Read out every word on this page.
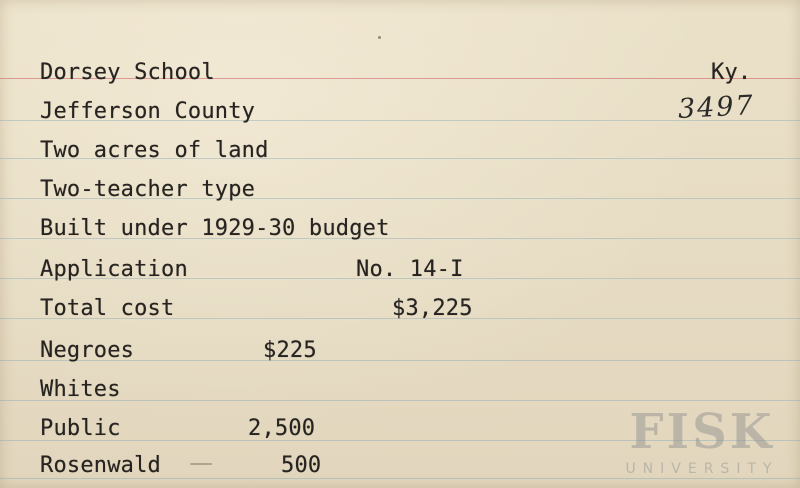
Dorsey School	Ky.
Jefferson County	3497
Two acres of land
Two-teacher type
Built under 1929-30 budget
Application	No. 14-I
Total cost	$3,225
Negroes	$225
Whites
Public	2,500
Rosenwald	500
FISK
UNIVERSITY
